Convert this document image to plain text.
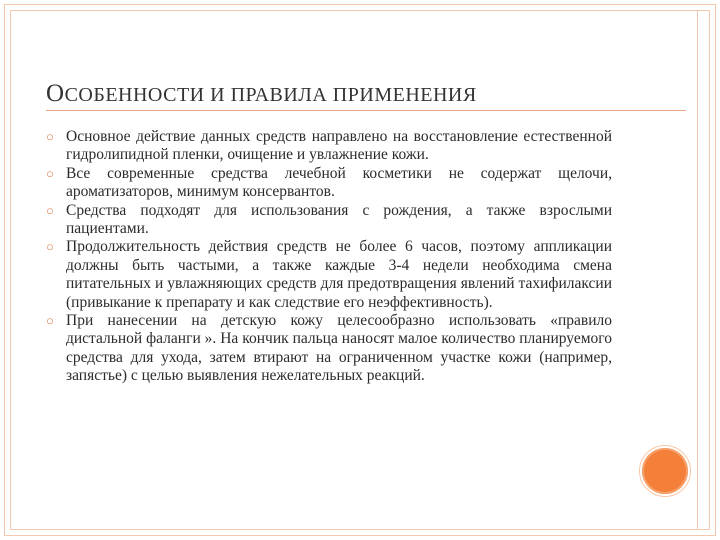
ОСОБЕННОСТИ И ПРАВИЛА ПРИМЕНЕНИЯ
○ Основное действие данных средств направлено на восстановление естественной гидролипидной пленки, очищение и увлажнение кожи.
○ Все современные средства лечебной косметики не содержат щелочи, ароматизаторов, минимум консервантов.
○ Средства подходят для использования с рождения, а также взрослыми пациентами.
○ Продолжительность действия средств не более 6 часов, поэтому аппликации должны быть частыми, а также каждые 3-4 недели необходима смена питательных и увлажняющих средств для предотвращения явлений тахифилаксии (привыкание к препарату и как следствие его неэффективность).
○ При нанесении на детскую кожу целесообразно использовать «правило дистальной фаланги ». На кончик пальца наносят малое количество планируемого средства для ухода, затем втирают на ограниченном участке кожи (например, запястье) с целью выявления нежелательных реакций.
